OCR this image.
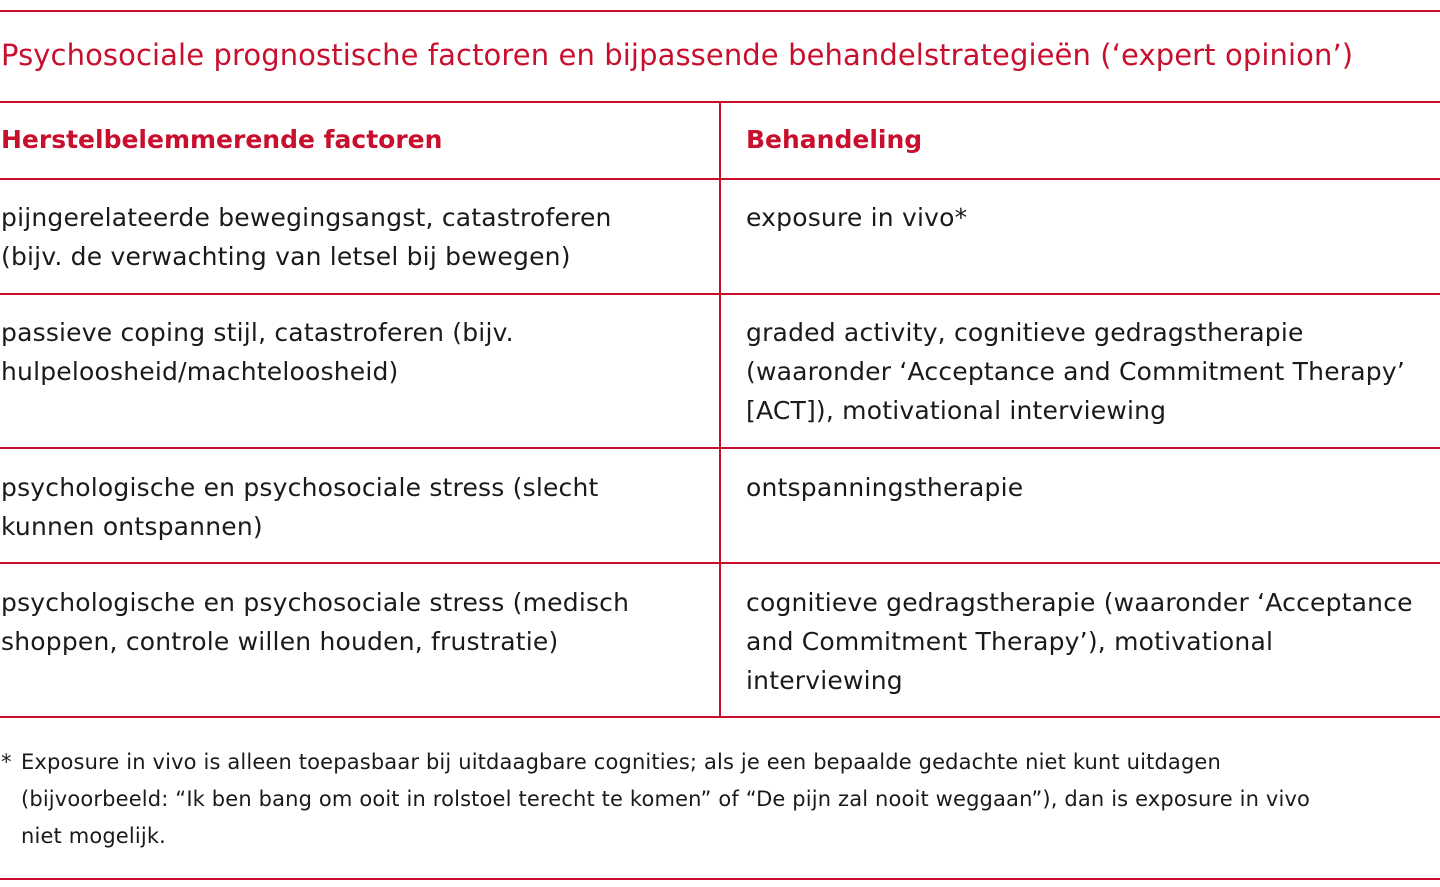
Psychosociale prognostische factoren en bijpassende behandelstrategieën (‘expert opinion’)
Herstelbelemmerende factoren	Behandeling
pijngerelateerde bewegingsangst, catastroferen
(bijv. de verwachting van letsel bij bewegen)
exposure in vivo*
passieve coping stijl, catastroferen (bijv.
hulpeloosheid/machteloosheid)
graded activity, cognitieve gedragstherapie
(waaronder ‘Acceptance and Commitment Therapy’
[ACT]), motivational interviewing
psychologische en psychosociale stress (slecht
kunnen ontspannen)
ontspanningstherapie
psychologische en psychosociale stress (medisch
shoppen, controle willen houden, frustratie)
cognitieve gedragstherapie (waaronder ‘Acceptance
and Commitment Therapy’), motivational
interviewing
* Exposure in vivo is alleen toepasbaar bij uitdaagbare cognities; als je een bepaalde gedachte niet kunt uitdagen
(bijvoorbeeld: “Ik ben bang om ooit in rolstoel terecht te komen” of “De pijn zal nooit weggaan”), dan is exposure in vivo
niet mogelijk.
